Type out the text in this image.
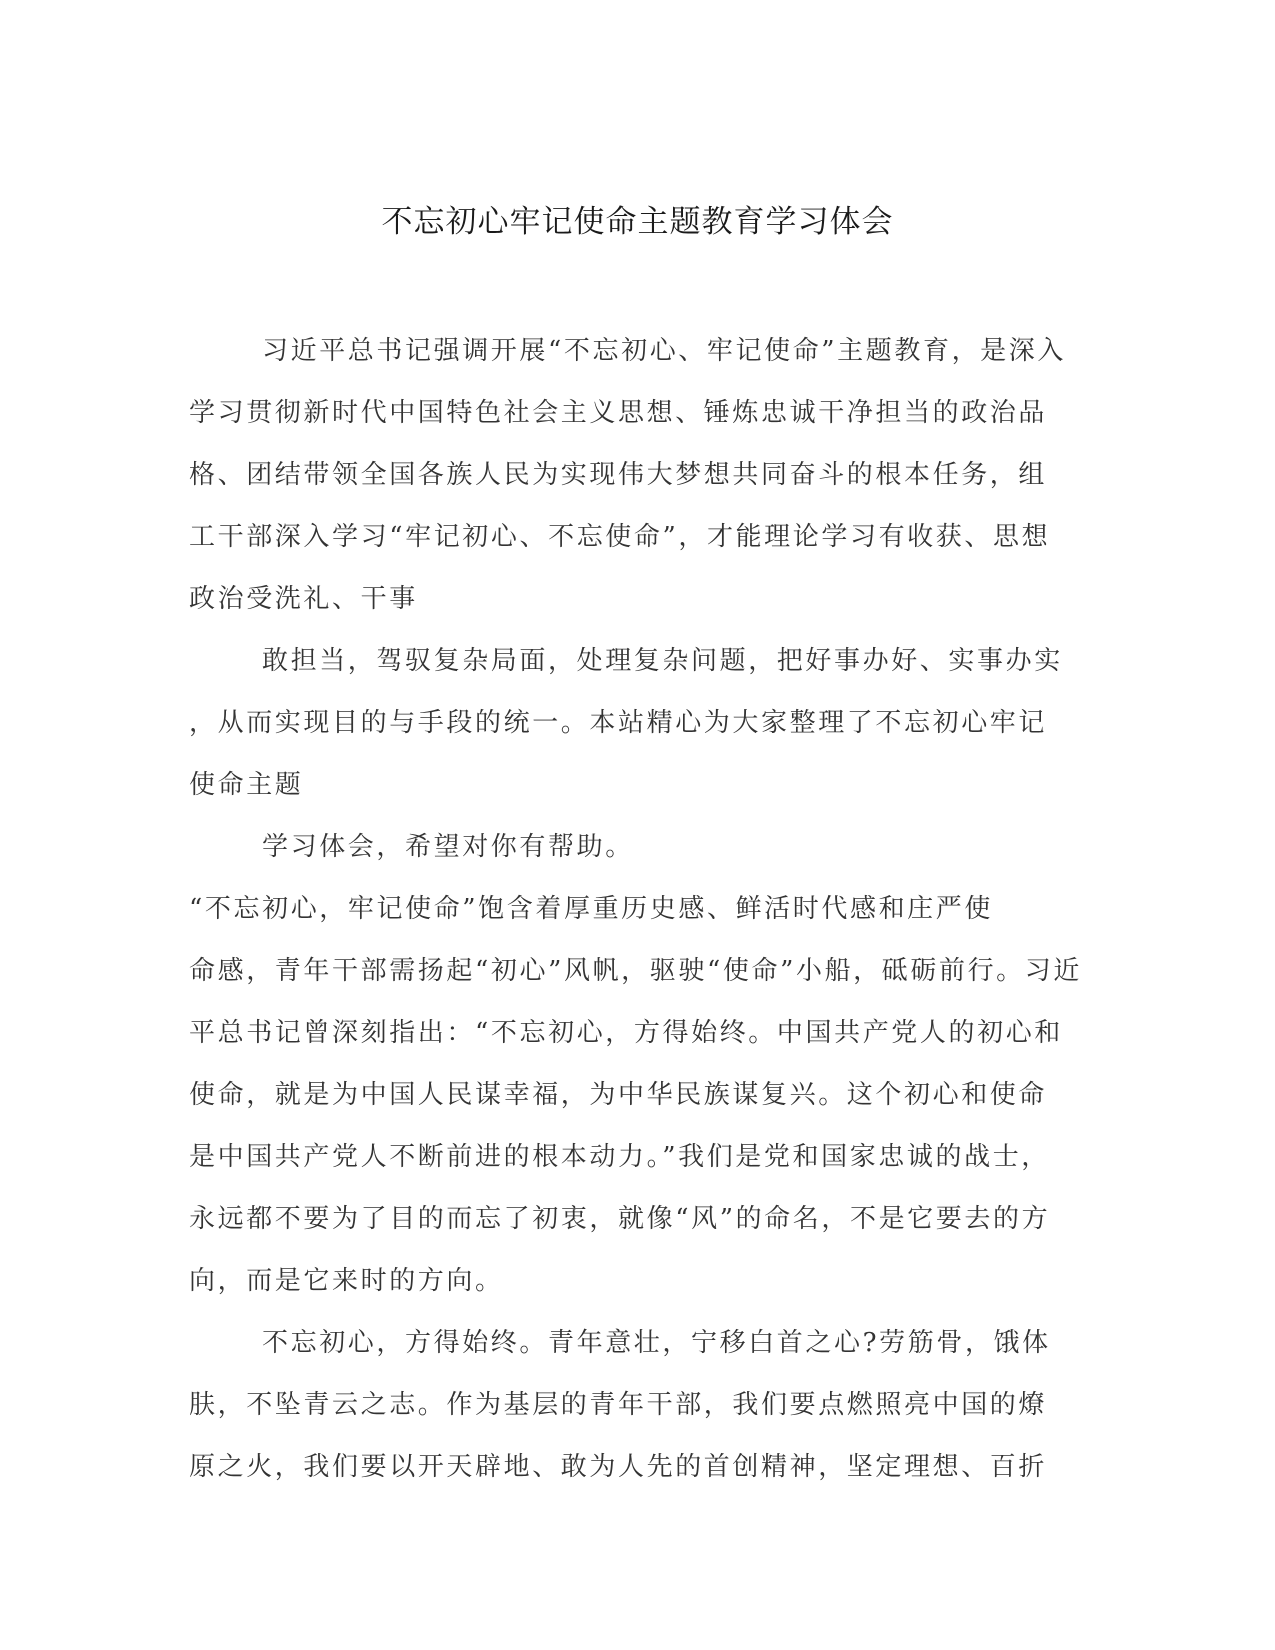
不忘初心牢记使命主题教育学习体会
习近平总书记强调开展“不忘初心、牢记使命”主题教育，是深入
学习贯彻新时代中国特色社会主义思想、锤炼忠诚干净担当的政治品
格、团结带领全国各族人民为实现伟大梦想共同奋斗的根本任务，组
工干部深入学习“牢记初心、不忘使命”，才能理论学习有收获、思想
政治受洗礼、干事
敢担当，驾驭复杂局面，处理复杂问题，把好事办好、实事办实
，从而实现目的与手段的统一。本站精心为大家整理了不忘初心牢记
使命主题
学习体会，希望对你有帮助。
“不忘初心，牢记使命”饱含着厚重历史感、鲜活时代感和庄严使
命感，青年干部需扬起“初心”风帆，驱驶“使命”小船，砥砺前行。习近
平总书记曾深刻指出：“不忘初心，方得始终。中国共产党人的初心和
使命，就是为中国人民谋幸福，为中华民族谋复兴。这个初心和使命
是中国共产党人不断前进的根本动力。”我们是党和国家忠诚的战士，
永远都不要为了目的而忘了初衷，就像“风”的命名，不是它要去的方
向，而是它来时的方向。
不忘初心，方得始终。青年意壮，宁移白首之心?劳筋骨，饿体
肤，不坠青云之志。作为基层的青年干部，我们要点燃照亮中国的燎
原之火，我们要以开天辟地、敢为人先的首创精神，坚定理想、百折
